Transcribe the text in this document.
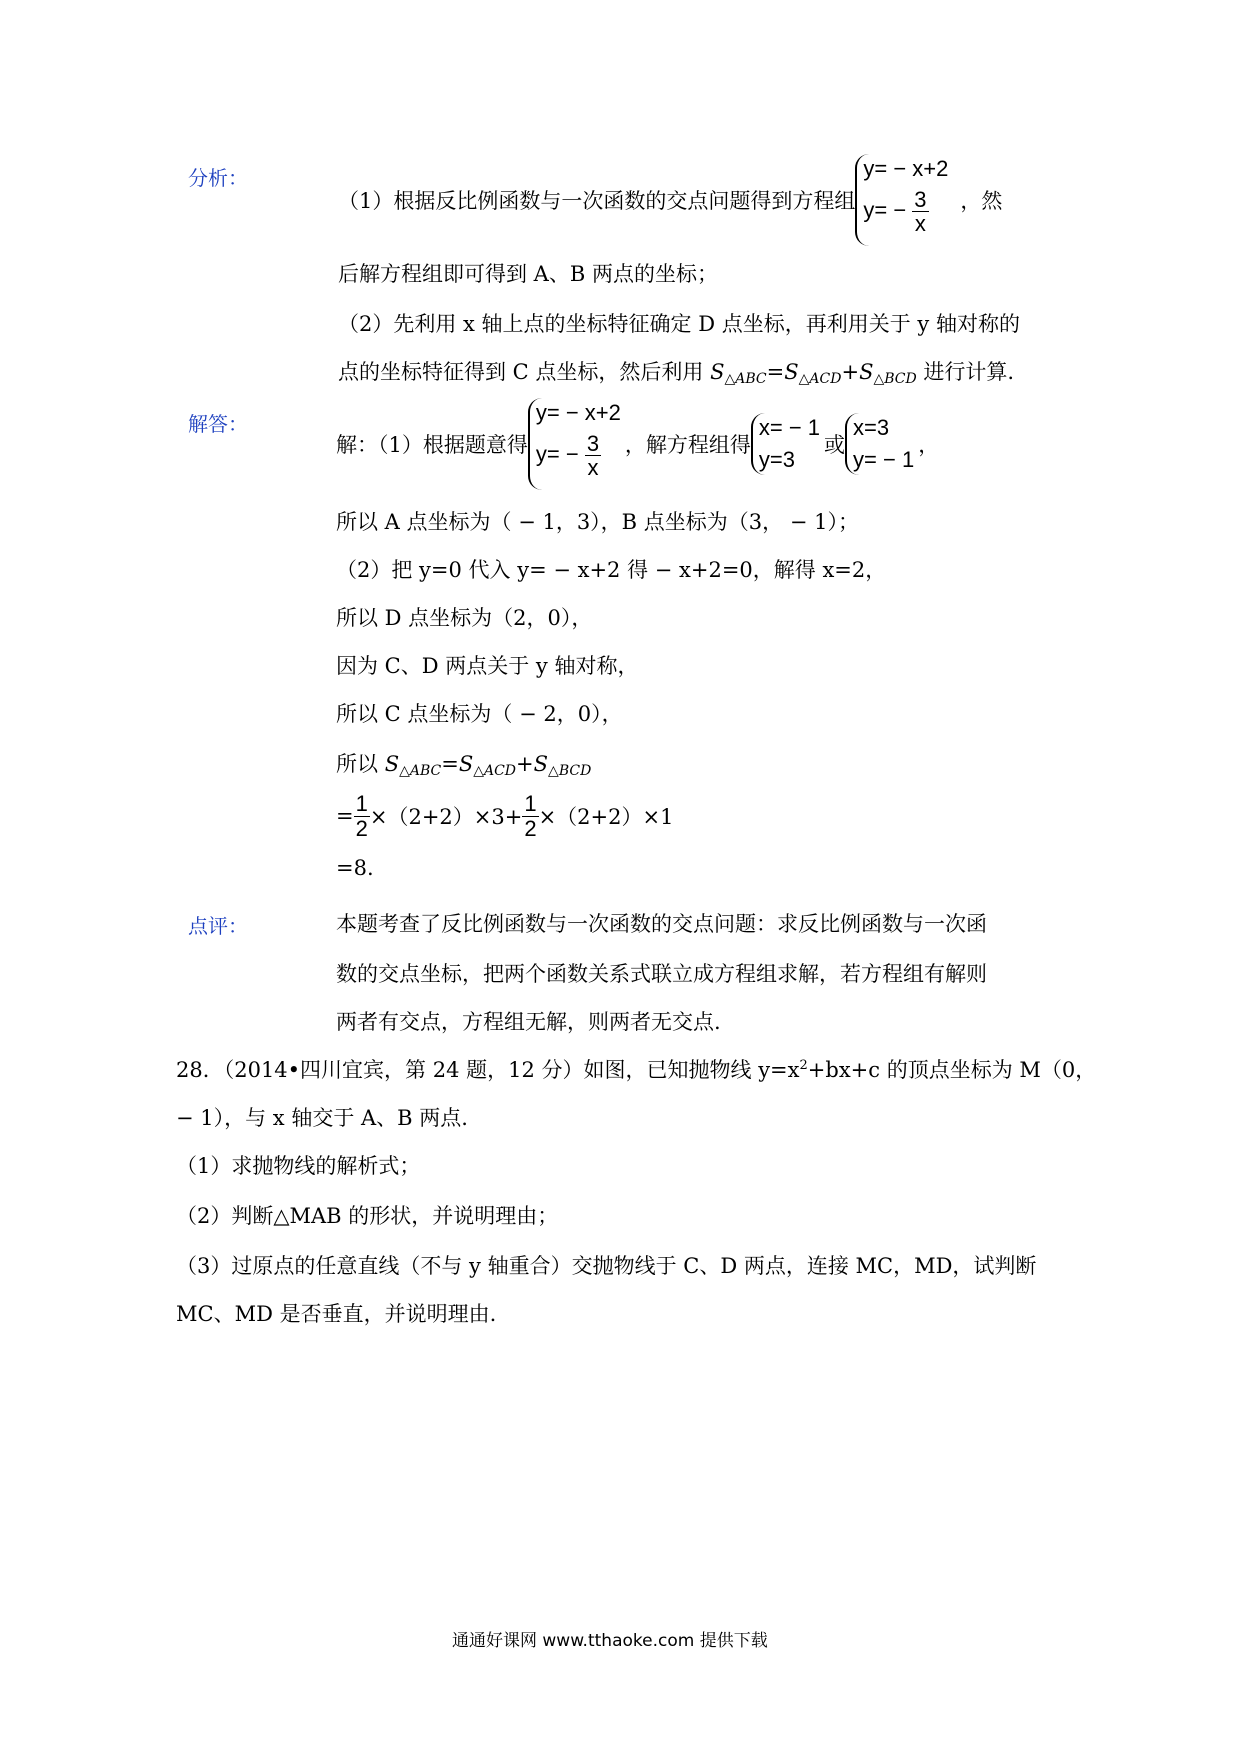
分析：
（1）根据反比例函数与一次函数的交点问题得到方程组
y= − x+2
$y= - \frac{3}{x}$ ，然
后解方程组即可得到 A、B 两点的坐标；
（2）先利用 x 轴上点的坐标特征确定 D 点坐标，再利用关于 y 轴对称的
点的坐标特征得到 C 点坐标，然后利用 $S_{\triangle ABC}=S_{\triangle ACD}+S_{\triangle BCD}$ 进行计算.
解答：
解：（1）根据题意得
y= − x+2
$y= - \frac{3}{x}$ ，解方程组得
x= − 1
y=3
或
x=3
y= − 1
，
所以 A 点坐标为（ − 1，3），B 点坐标为（3， − 1）；
（2）把 y=0 代入 y= − x+2 得 − x+2=0，解得 x=2，
所以 D 点坐标为（2，0），
因为 C、D 两点关于 y 轴对称，
所以 C 点坐标为（ − 2，0），
所以 $S_{\triangle ABC}=S_{\triangle ACD}+S_{\triangle BCD}$
= $\frac{1}{2} \times(2+2)\times 3+ \frac{1}{2} \times(2+2)\times 1$
=8.
点评：	本题考查了反比例函数与一次函数的交点问题：求反比例函数与一次函
数的交点坐标，把两个函数关系式联立成方程组求解，若方程组有解则
两者有交点，方程组无解，则两者无交点.
28．（2014•四川宜宾，第 24 题，12 分）如图，已知抛物线 $y=x^2+bx+c$ 的顶点坐标为 M（0，
− 1），与 x 轴交于 A、B 两点.
（1）求抛物线的解析式；
（2）判断△MAB 的形状，并说明理由；
（3）过原点的任意直线（不与 y 轴重合）交抛物线于 C、D 两点，连接 MC，MD，试判断
MC、MD 是否垂直，并说明理由.
通通好课网 www.tthaoke.com 提供下载
